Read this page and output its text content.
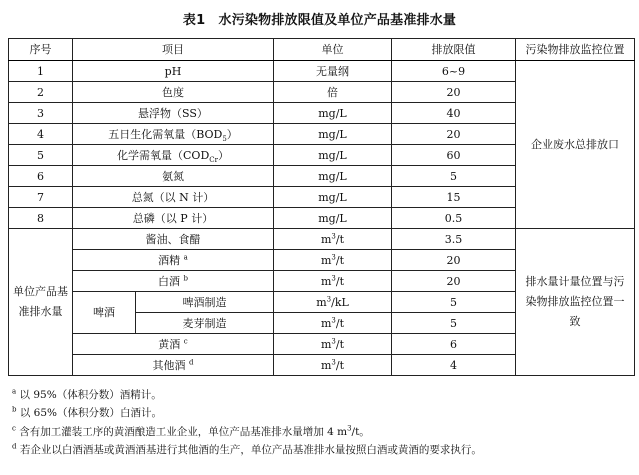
表1　水污染物排放限值及单位产品基准排水量
序号	项目		单位	排放限值	污染物排放监控位置
1	pH		无量纲	6~9	企业废水总排放口
2	色度		倍	20	
3	悬浮物（SS）		mg/L	40	
4	五日生化需氧量$(BOD_5)$		mg/L	20	
5	化学需氧量$(COD_{Cr})$		mg/L	60	
6	氨氮		mg/L	5	
7	总氮（以 N 计）		mg/L	15	
8	总磷（以 P 计）		mg/L	0.5	
单位产品基准排水量	酱油、食醋		$m^3/t$	3.5	排水量计量位置与污染物排放监控位置一致
	酒精 $^a$		$m^3/t$	20	
	白酒 $^b$		$m^3/t$	20	
	啤酒	啤酒制造	$m^3/kL$	5	
		麦芽制造	$m^3/t$	5	
	黄酒 $^c$		$m^3/t$	6	
	其他酒 $^d$		$m^3/t$	4	
$^a$ 以 95%（体积分数）酒精计。
$^b$ 以 65%（体积分数）白酒计。
$^c$ 含有加工灌装工序的黄酒酿造工业企业，单位产品基准排水量增加 4 $m^3/t$。
$^d$ 若企业以白酒酒基或黄酒酒基进行其他酒的生产，单位产品基准排水量按照白酒或黄酒的要求执行。
